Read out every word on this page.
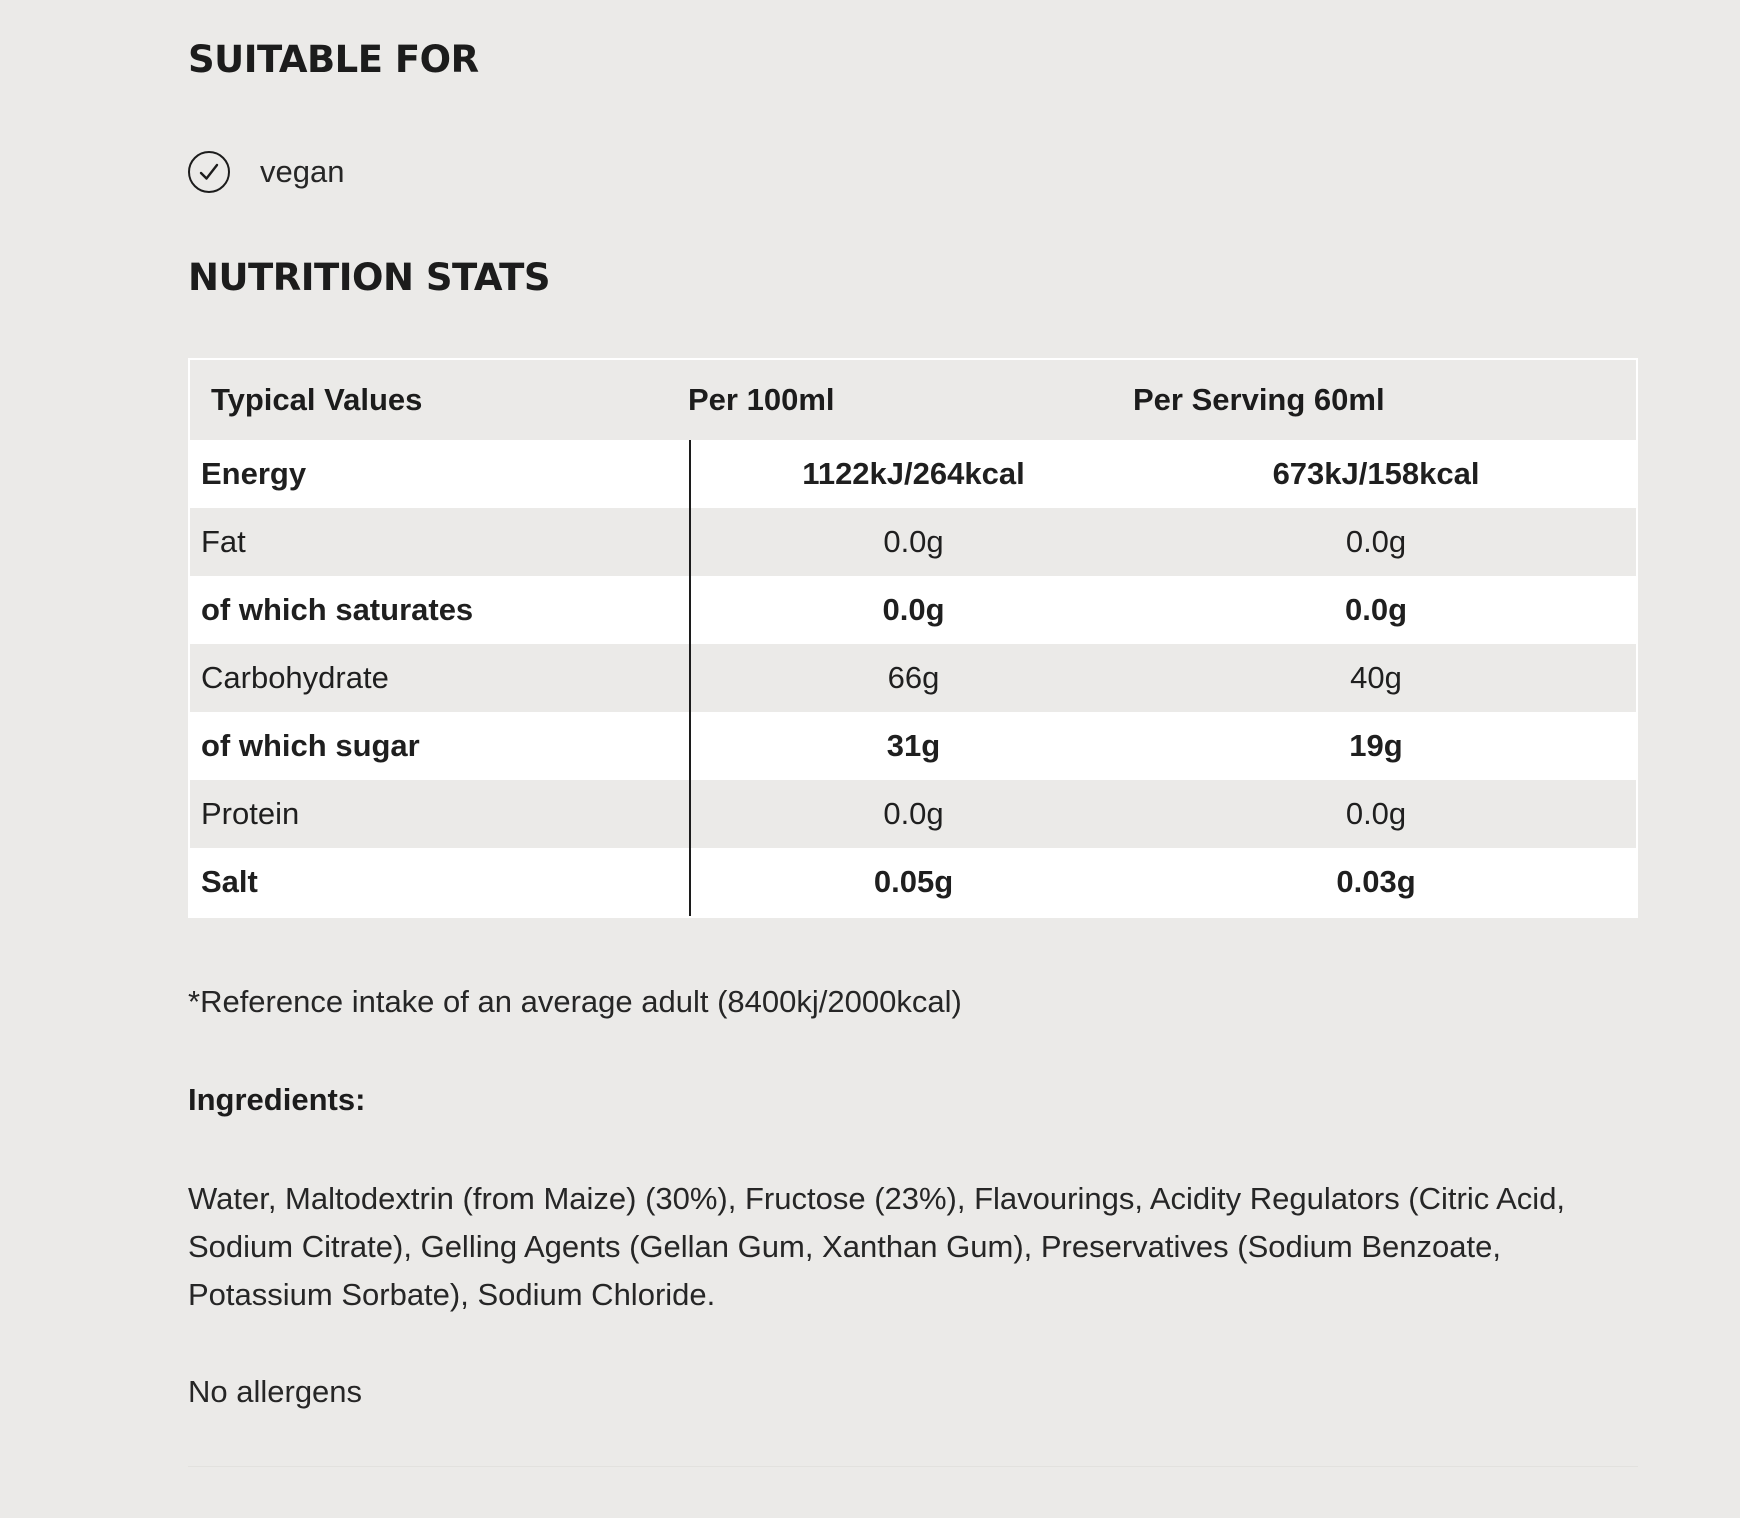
SUITABLE FOR
vegan
NUTRITION STATS
Typical Values	Per 100ml	Per Serving 60ml
Energy	1122kJ/264kcal	673kJ/158kcal
Fat	0.0g	0.0g
of which saturates	0.0g	0.0g
Carbohydrate	66g	40g
of which sugar	31g	19g
Protein	0.0g	0.0g
Salt	0.05g	0.03g
*Reference intake of an average adult (8400kj/2000kcal)
Ingredients:
Water, Maltodextrin (from Maize) (30%), Fructose (23%), Flavourings, Acidity Regulators (Citric Acid, Sodium Citrate), Gelling Agents (Gellan Gum, Xanthan Gum), Preservatives (Sodium Benzoate, Potassium Sorbate), Sodium Chloride.
No allergens
